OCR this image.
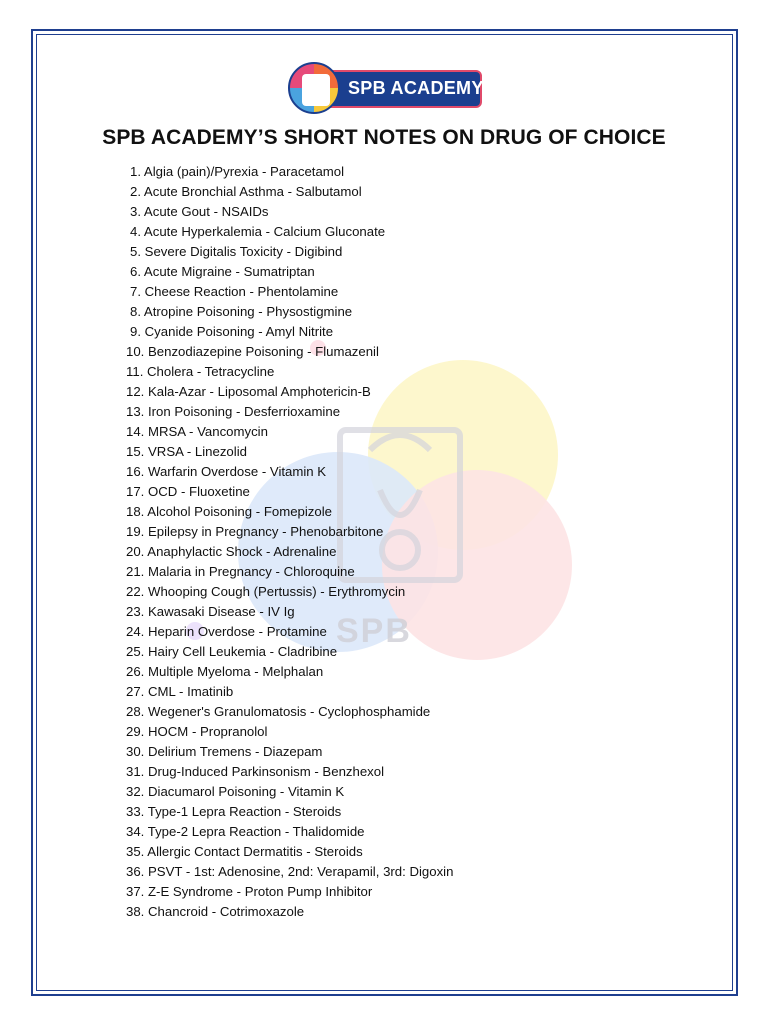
SPB
SPB ACADEMY
SPB ACADEMY’S SHORT NOTES ON DRUG OF CHOICE
1. Algia (pain)/Pyrexia - Paracetamol
2. Acute Bronchial Asthma - Salbutamol
3. Acute Gout - NSAIDs
4. Acute Hyperkalemia - Calcium Gluconate
5. Severe Digitalis Toxicity - Digibind
6. Acute Migraine - Sumatriptan
7. Cheese Reaction - Phentolamine
8. Atropine Poisoning - Physostigmine
9. Cyanide Poisoning - Amyl Nitrite
10. Benzodiazepine Poisoning - Flumazenil
11. Cholera - Tetracycline
12. Kala-Azar - Liposomal Amphotericin-B
13. Iron Poisoning - Desferrioxamine
14. MRSA - Vancomycin
15. VRSA - Linezolid
16. Warfarin Overdose - Vitamin K
17. OCD - Fluoxetine
18. Alcohol Poisoning - Fomepizole
19. Epilepsy in Pregnancy - Phenobarbitone
20. Anaphylactic Shock - Adrenaline
21. Malaria in Pregnancy - Chloroquine
22. Whooping Cough (Pertussis) - Erythromycin
23. Kawasaki Disease - IV Ig
24. Heparin Overdose - Protamine
25. Hairy Cell Leukemia - Cladribine
26. Multiple Myeloma - Melphalan
27. CML - Imatinib
28. Wegener's Granulomatosis - Cyclophosphamide
29. HOCM - Propranolol
30. Delirium Tremens - Diazepam
31. Drug-Induced Parkinsonism - Benzhexol
32. Diacumarol Poisoning - Vitamin K
33. Type-1 Lepra Reaction - Steroids
34. Type-2 Lepra Reaction - Thalidomide
35. Allergic Contact Dermatitis - Steroids
36. PSVT - 1st: Adenosine, 2nd: Verapamil, 3rd: Digoxin
37. Z-E Syndrome - Proton Pump Inhibitor
38. Chancroid - Cotrimoxazole
